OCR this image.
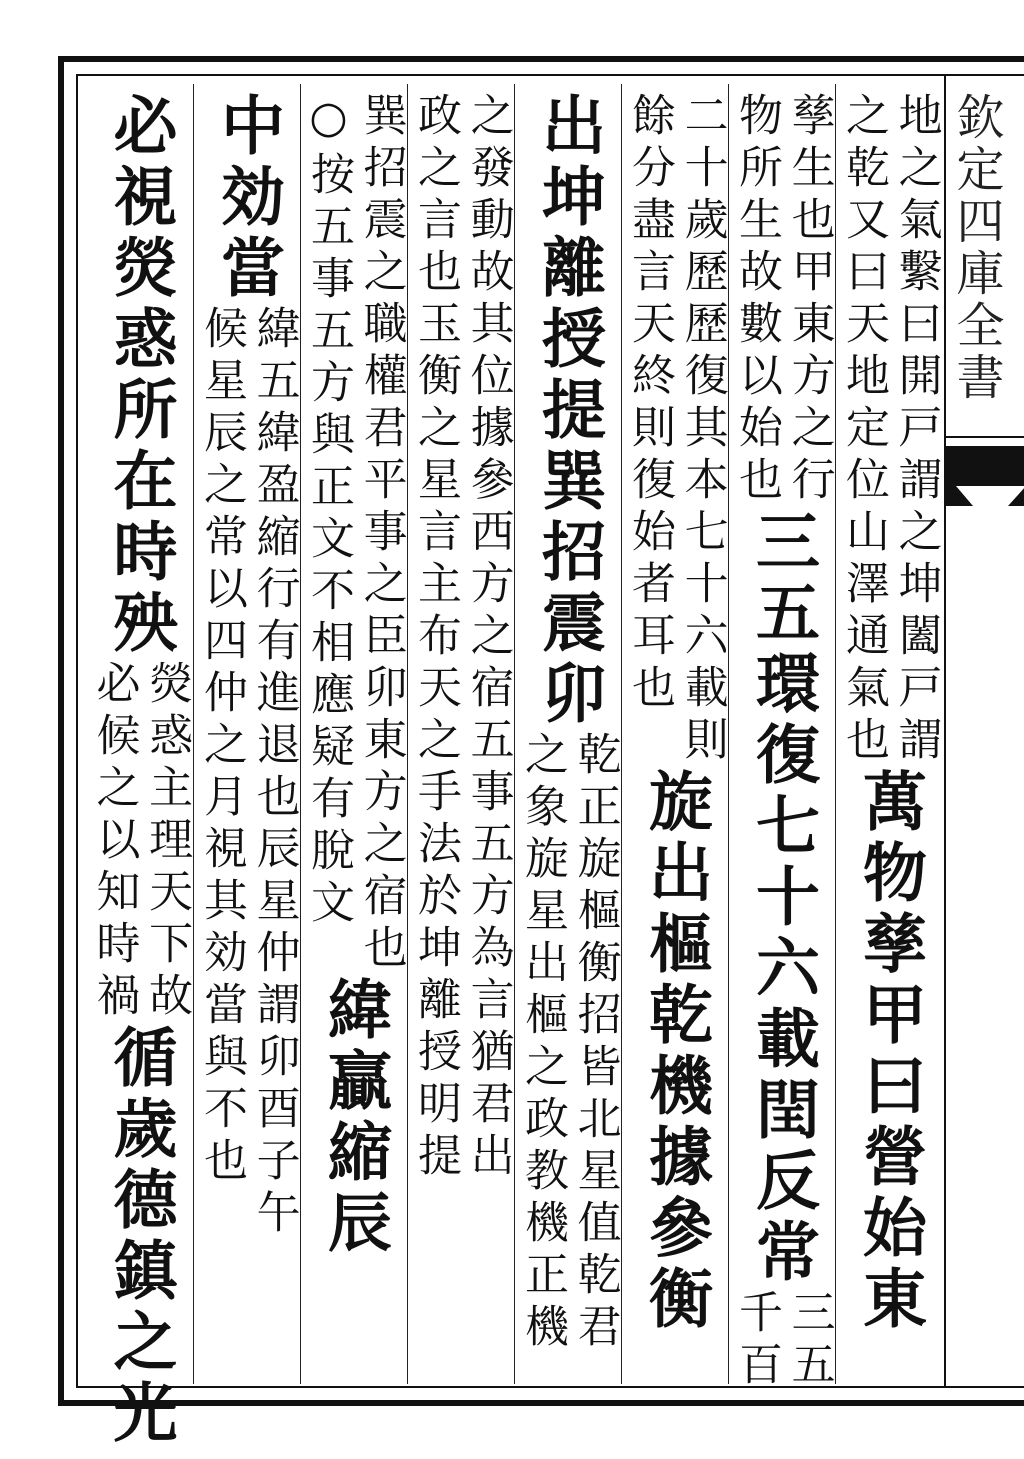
欽定四庫全書
地之氣繫曰開戸謂之坤闔戸謂
之乾又曰天地定位山澤通氣也
萬物孳甲曰營始東
孳生也甲東方之行
物所生故數以始也
三五環復七十六載閏反常
三五
千百
二十歲歷歷復其本七十六載則
餘分盡言天終則復始者耳也
旋出樞乾機據參衡
出坤離授提巽招震卯
乾正旋樞衡招皆北星值乾君
之象旋星出樞之政教機正機
之發動故其位據參西方之宿五事五方為言猶君出
政之言也玉衡之星言主布天之手法於坤離授明提
巽招震之職權君平事之臣卯東方之宿也
○按五事五方與正文不相應疑有脫文
緯贏縮辰
中効當
緯五緯盈縮行有進退也辰星仲謂卯酉子午
候星辰之常以四仲之月視其効當與不也
必視熒惑所在時殃
熒惑主理天下故
必候之以知時禍
循歲德鎮之光
